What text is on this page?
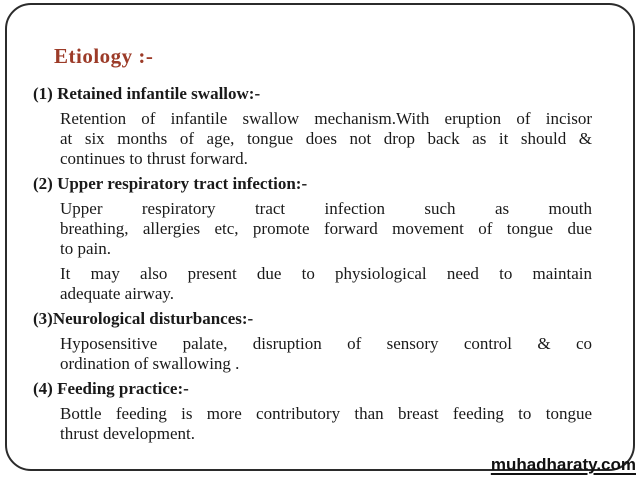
Etiology :-
(1) Retained infantile swallow:-
Retention of infantile swallow mechanism.With eruption of incisor
at six months of age, tongue does not drop back as it should &
continues to thrust forward.
(2) Upper respiratory tract infection:-
Upper respiratory tract infection such as mouth
breathing, allergies etc, promote forward movement of tongue due
to pain.
It may also present due to physiological need to maintain
adequate airway.
(3)Neurological disturbances:-
Hyposensitive palate, disruption of sensory control & co
ordination of swallowing .
(4) Feeding practice:-
Bottle feeding is more contributory than breast feeding to tongue
thrust development.
muhadharaty.com
